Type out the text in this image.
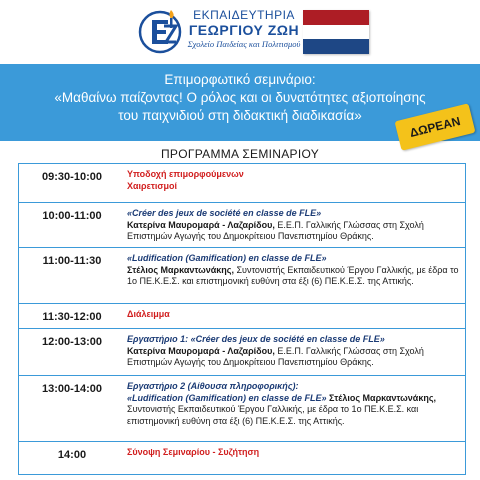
ΕΚΠΑΙΔΕΥΤΗΡΙΑ
ΓΕΩΡΓΙΟΥ ΖΩΗ
Σχολείο Παιδείας και Πολιτισμού
Επιμορφωτικό σεμινάριο:
«Μαθαίνω παίζοντας! Ο ρόλος και οι δυνατότητες αξιοποίησης
του παιχνιδιού στη διδακτική διαδικασία»	ΔΩΡΕΑΝ
ΠΡΟΓΡΑΜΜΑ ΣΕΜΙΝΑΡΙΟΥ
09:30-10:00	Υποδοχή επιμορφούμενων
Χαιρετισμοί
10:00-11:00	«Créer des jeux de société en classe de FLE»
Κατερίνα Μαυρομαρά - Λαζαρίδου, Ε.Ε.Π. Γαλλικής Γλώσσας στη Σχολή Επιστημών Αγωγής του Δημοκρίτειου Πανεπιστημίου Θράκης.
11:00-11:30	«Ludification (Gamification) en classe de FLE»
Στέλιος Μαρκαντωνάκης, Συντονιστής Εκπαιδευτικού Έργου Γαλλικής, με έδρα το 1ο ΠΕ.Κ.Ε.Σ. και επιστημονική ευθύνη στα έξι (6) ΠΕ.Κ.Ε.Σ. της Αττικής.
11:30-12:00	Διάλειμμα
12:00-13:00	Εργαστήριο 1: «Créer des jeux de société en classe de FLE»
Κατερίνα Μαυρομαρά - Λαζαρίδου, Ε.Ε.Π. Γαλλικής Γλώσσας στη Σχολή Επιστημών Αγωγής του Δημοκρίτειου Πανεπιστημίου Θράκης.
13:00-14:00	Εργαστήριο 2 (Αίθουσα πληροφορικής):
«Ludification (Gamification) en classe de FLE» Στέλιος Μαρκαντωνάκης, Συντονιστής Εκπαιδευτικού Έργου Γαλλικής, με έδρα το 1ο ΠΕ.Κ.Ε.Σ. και επιστημονική ευθύνη στα έξι (6) ΠΕ.Κ.Ε.Σ. της Αττικής.
14:00	Σύνοψη Σεμιναρίου - Συζήτηση
